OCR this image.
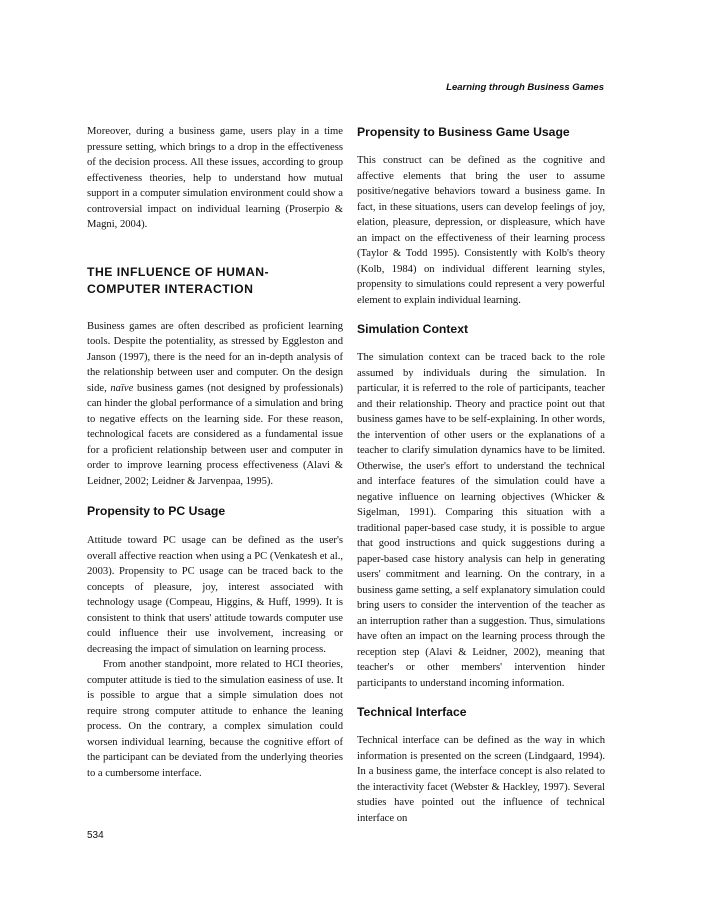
Learning through Business Games

Moreover, during a business game, users play in a time pressure setting, which brings to a drop in the effectiveness of the decision process. All these issues, according to group effectiveness theories, help to understand how mutual support in a computer simulation environment could show a controversial impact on individual learning (Proserpio & Magni, 2004).

THE INFLUENCE OF HUMAN-
COMPUTER INTERACTION

Business games are often described as proficient learning tools. Despite the potentiality, as stressed by Eggleston and Janson (1997), there is the need for an in-depth analysis of the relationship between user and computer. On the design side, naïve business games (not designed by professionals) can hinder the global performance of a simulation and bring to negative effects on the learning side. For these reason, technological facets are considered as a fundamental issue for a proficient relationship between user and computer in order to improve learning process effectiveness (Alavi & Leidner, 2002; Leidner & Jarvenpaa, 1995).

Propensity to PC Usage

Attitude toward PC usage can be defined as the user's overall affective reaction when using a PC (Venkatesh et al., 2003). Propensity to PC usage can be traced back to the concepts of pleasure, joy, interest associated with technology usage (Compeau, Higgins, & Huff, 1999). It is consistent to think that users' attitude towards computer use could influence their use involvement, increasing or decreasing the impact of simulation on learning process.

From another standpoint, more related to HCI theories, computer attitude is tied to the simulation easiness of use. It is possible to argue that a simple simulation does not require strong computer attitude to enhance the leaning process. On the contrary, a complex simulation could worsen individual learning, because the cognitive effort of the participant can be deviated from the underlying theories to a cumbersome interface.

Propensity to Business Game Usage

This construct can be defined as the cognitive and affective elements that bring the user to assume positive/negative behaviors toward a business game. In fact, in these situations, users can develop feelings of joy, elation, pleasure, depression, or displeasure, which have an impact on the effectiveness of their learning process (Taylor & Todd 1995). Consistently with Kolb's theory (Kolb, 1984) on individual different learning styles, propensity to simulations could represent a very powerful element to explain individual learning.

Simulation Context

The simulation context can be traced back to the role assumed by individuals during the simulation. In particular, it is referred to the role of participants, teacher and their relationship. Theory and practice point out that business games have to be self-explaining. In other words, the intervention of other users or the explanations of a teacher to clarify simulation dynamics have to be limited. Otherwise, the user's effort to understand the technical and interface features of the simulation could have a negative influence on learning objectives (Whicker & Sigelman, 1991). Comparing this situation with a traditional paper-based case study, it is possible to argue that good instructions and quick suggestions during a paper-based case history analysis can help in generating users' commitment and learning. On the contrary, in a business game setting, a self explanatory simulation could bring users to consider the intervention of the teacher as an interruption rather than a suggestion. Thus, simulations have often an impact on the learning process through the reception step (Alavi & Leidner, 2002), meaning that teacher's or other members' intervention hinder participants to understand incoming information.

Technical Interface

Technical interface can be defined as the way in which information is presented on the screen (Lindgaard, 1994). In a business game, the interface concept is also related to the interactivity facet (Webster & Hackley, 1997). Several studies have pointed out the influence of technical interface on

534
